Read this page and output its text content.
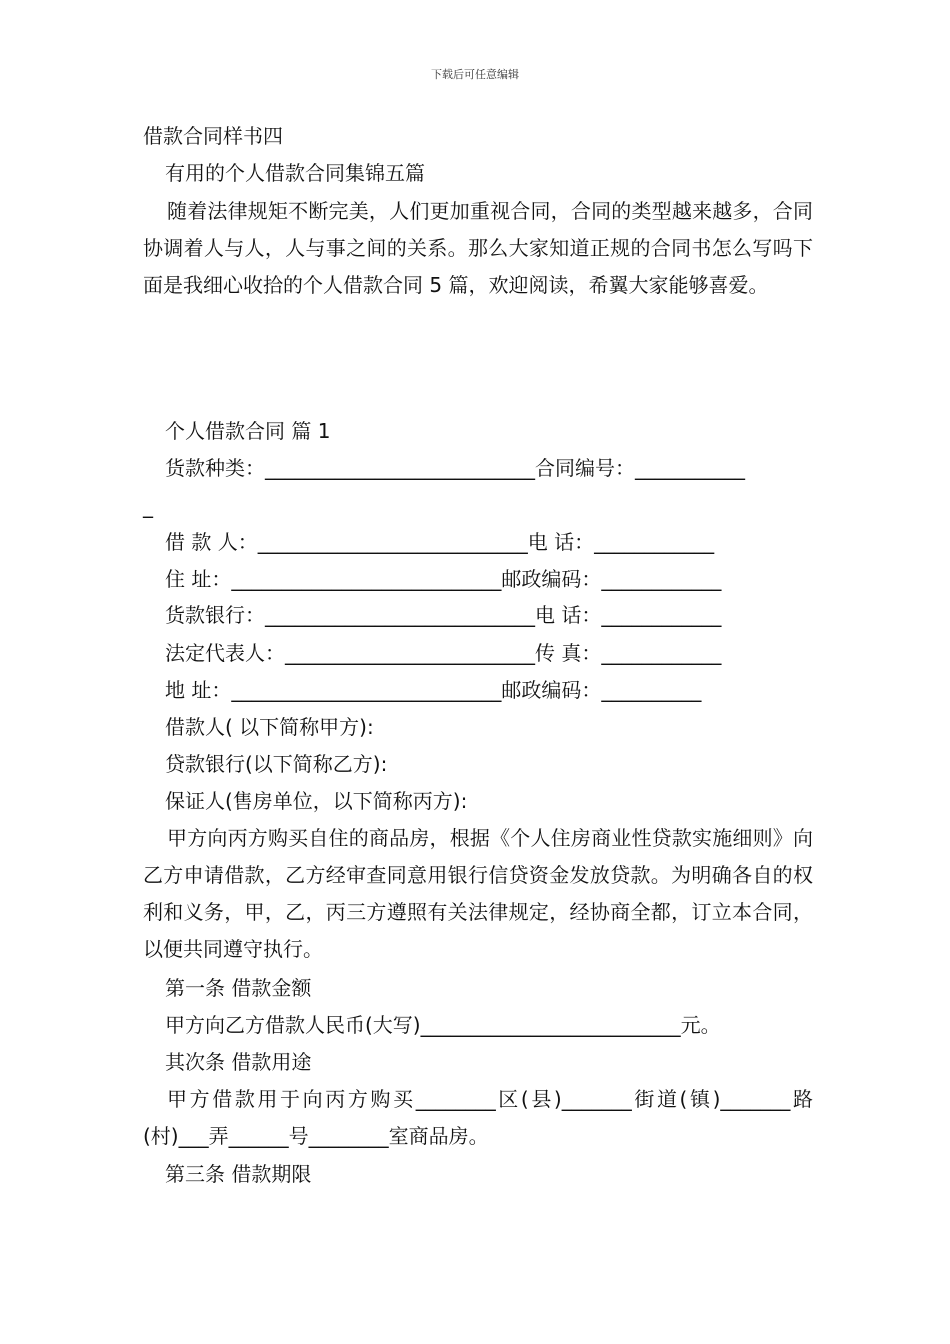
下载后可任意编辑
借款合同样书四
有用的个人借款合同集锦五篇
随着法律规矩不断完美，人们更加重视合同，合同的类型越来越多，合同协调着人与人，人与事之间的关系。那么大家知道正规的合同书怎么写吗下面是我细心收拾的个人借款合同 5 篇，欢迎阅读，希翼大家能够喜爱。
个人借款合同 篇 1
货款种类：___________________________合同编号：___________
_
借 款 人：___________________________电 话：____________
住 址：___________________________邮政编码：____________
货款银行：___________________________电 话：____________
法定代表人：_________________________传 真：____________
地 址：___________________________邮政编码：__________
借款人( 以下简称甲方):
贷款银行(以下简称乙方):
保证人(售房单位，以下简称丙方):
甲方向丙方购买自住的商品房，根据《个人住房商业性贷款实施细则》向乙方申请借款，乙方经审查同意用银行信贷资金发放贷款。为明确各自的权利和义务，甲，乙，丙三方遵照有关法律规定，经协商全都，订立本合同，以便共同遵守执行。
第一条 借款金额
甲方向乙方借款人民币(大写)__________________________元。
其次条 借款用途
甲方借款用于向丙方购买________区(县)_______街道(镇)_______路(村)___弄______号________室商品房。
第三条 借款期限
